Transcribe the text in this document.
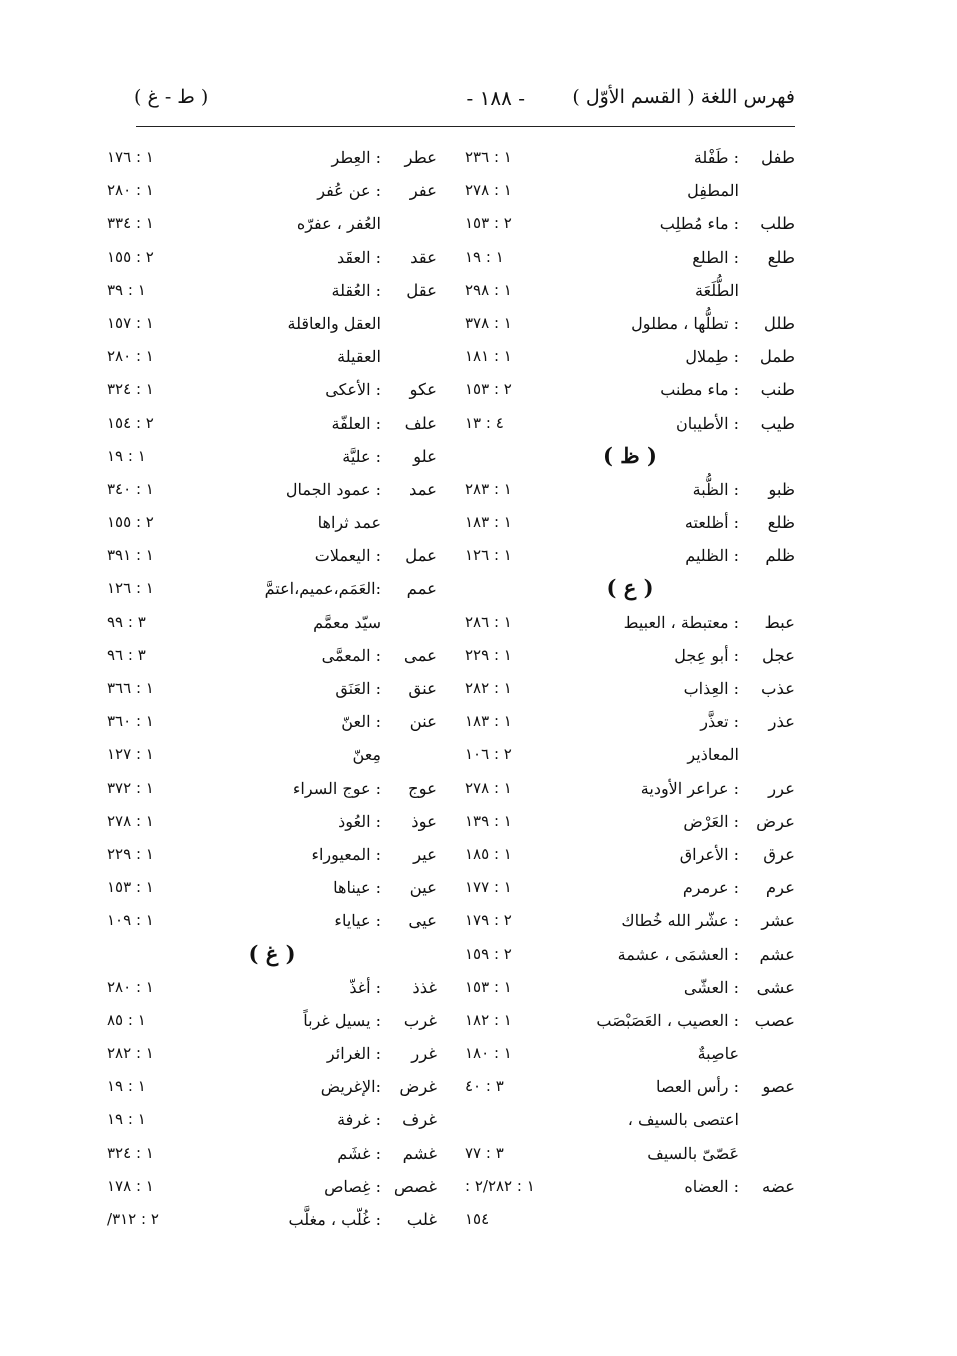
فهرس اللغة ( القسم الأوّل )
- ١٨٨ -
( ط - غ )
طفل
: طَفْلة
١ : ٢٣٦
المطفِل
١ : ٢٧٨
طلب
: ماء مُطلِب
٢ : ١٥٣
طلع
: الطلع
١ : ١٩
الطُّلَعَة
١ : ٢٩٨
طلل
: تطلُّها ، مطلول
١ : ٣٧٨
طمل
: طِملال
١ : ١٨١
طنب
: ماء مطنب
٢ : ١٥٣
طيب
: الأطيبان
٤ : ١٣
( ظ )
ظبو
: الظُّبة
١ : ٢٨٣
ظلع
: أظلعته
١ : ١٨٣
ظلم
: الظليم
١ : ١٢٦
( ع )
عبط
: معتبطة ، العبيط
١ : ٢٨٦
عجل
: أبو عِجل
١ : ٢٢٩
عذب
: العِذاب
١ : ٢٨٢
عذر
: تعذَّر
١ : ١٨٣
المعاذير
٢ : ١٠٦
عرر
: عراعر الأودية
١ : ٢٧٨
عرض
: العَرْض
١ : ١٣٩
عرق
: الأعراق
١ : ١٨٥
عرم
: عرمرم
١ : ١٧٧
عشر
: عشّر الله خُطاك
٢ : ١٧٩
عشم
: العشمَى ، عشمة
٢ : ١٥٩
عشى
: العشّى
١ : ١٥٣
عصب
: العصيب ، العَصَبْصَب
١ : ١٨٢
عاصِبةٌ
١ : ١٨٠
عصو
: رأس العصا
٣ : ٤٠
اعتصى بالسيف ،
عَصّىّ بالسيف
٣ : ٧٧
عضه
: العضاه
١ : ٢/٢٨٢ :
١٥٤
عطر
: العِطر
١ : ١٧٦
عفر
: عن عُفر
١ : ٢٨٠
العُفر ، عفرّه
١ : ٣٣٤
عقد
: العقَد
٢ : ١٥٥
عقل
: العُقلة
١ : ٣٩
العقل والعاقلة
١ : ١٥٧
العقيلة
١ : ٢٨٠
عكو
: الأعكى
١ : ٣٢٤
علف
: العلفّة
٢ : ١٥٤
علو
: عليَّة
١ : ١٩
عمد
: عمود الجمال
١ : ٣٤٠
عمد ثراها
٢ : ١٥٥
عمل
: اليعملات
١ : ٣٩١
عمم
:العَمَم،عميم،اعتمَّ
١ : ١٢٦
سيّد معمَّم
٣ : ٩٩
عمى
: المعمَّى
٣ : ٩٦
عنق
: العَنَق
١ : ٣٦٦
عنن
: العنّ
١ : ٣٦٠
مِعنّ
١ : ١٢٧
عوج
: عوج السراء
١ : ٣٧٢
عوذ
: العُوذ
١ : ٢٧٨
عير
: المعيوراء
١ : ٢٢٩
عين
: عيناها
١ : ١٥٣
عيى
: عياياء
١ : ١٠٩
( غ )
غذذ
: أغذّ
١ : ٢٨٠
غرب
: يسيل غرباً
١ : ٨٥
غرر
: الغرائر
١ : ٢٨٢
غرض
:الإغريض
١ : ١٩
غرف
: غرفة
١ : ١٩
غشم
: غشَم
١ : ٣٢٤
غصص
: غِصاص
١ : ١٧٨
غلب
: غُلّب ، مغلَّب
٢ : ٣١٢/
